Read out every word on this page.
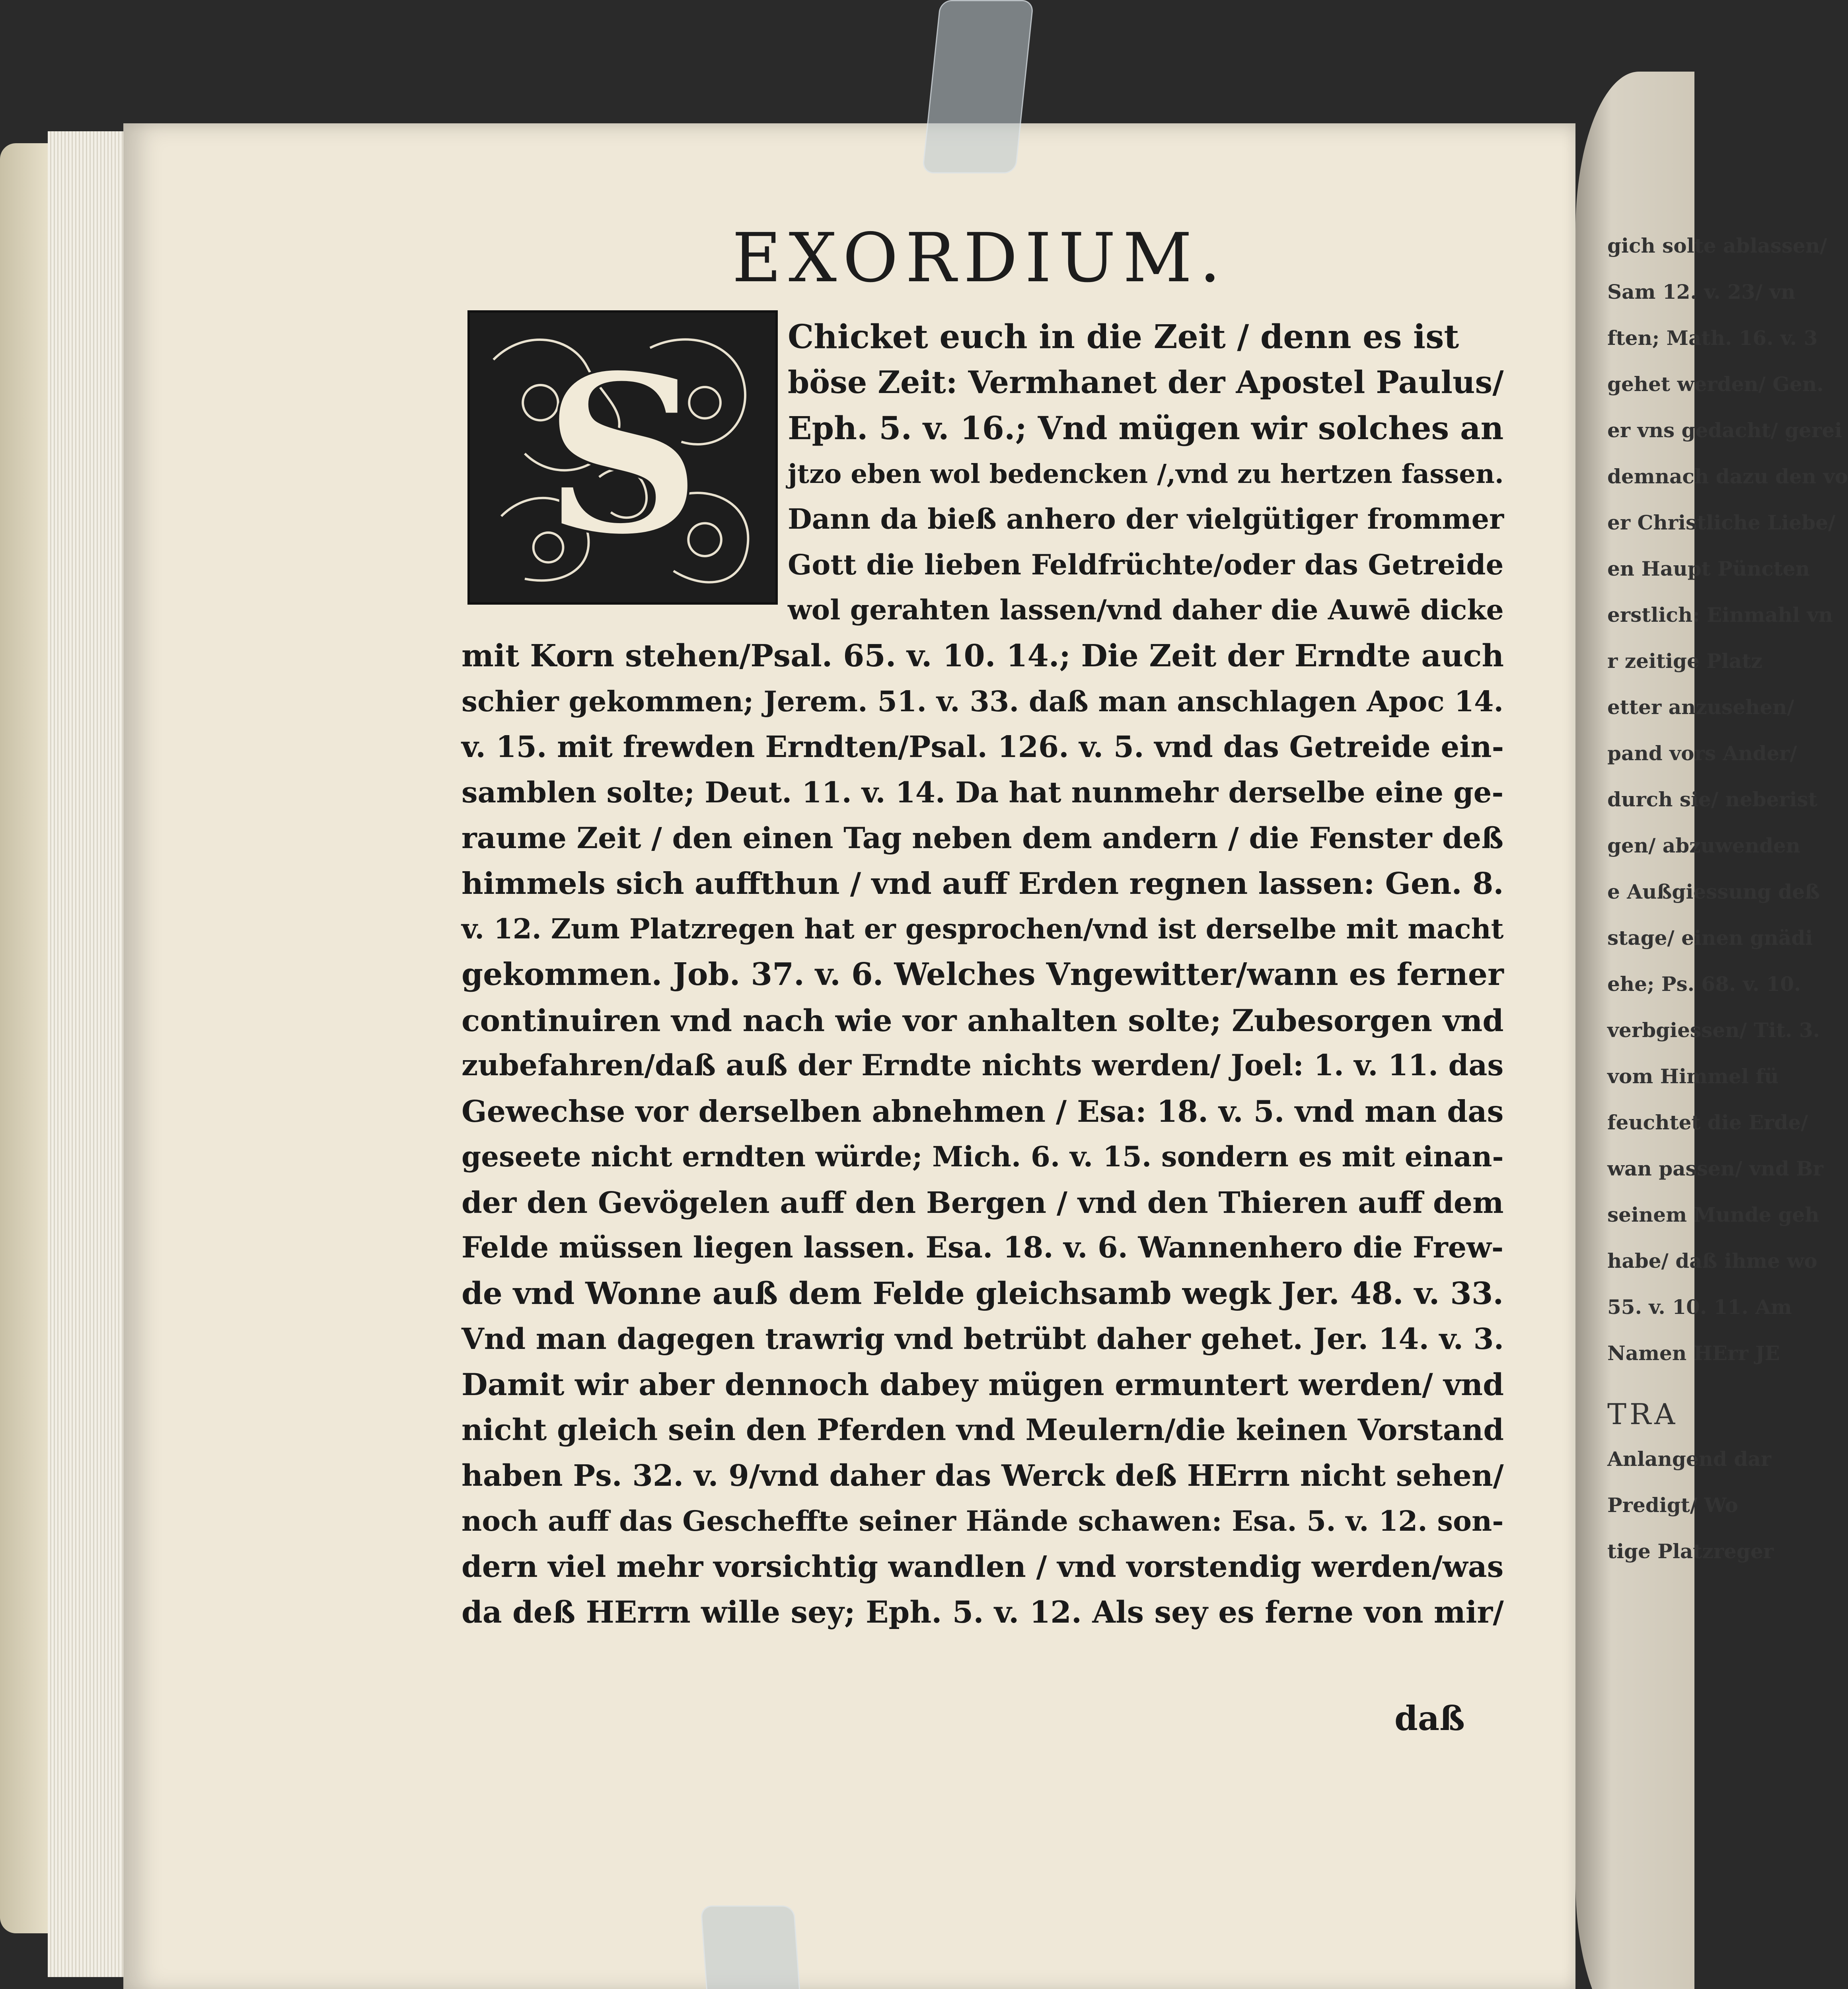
gich solte ablassen/
Sam 12. v. 23/ vn
ften; Math. 16. v. 3
gehet werden/ Gen.
er vns gedacht/ gerei
demnach dazu den vo
er Christliche Liebe/
en Haupt Püncten
erstlich: Einmahl vn
r zeitige Platz
etter anzusehen/
pand vors Ander/
durch sie/ neberist
gen/ abzuwenden
e Außgiessung deß
stage/ einen gnädi
ehe; Ps. 68. v. 10.
verbgiessen/ Tit. 3.
vom Himmel fü
feuchtet die Erde/
wan passen/ vnd Br
seinem Munde geh
habe/ daß ihme wo
55. v. 10. 11. Am
Namen HErr JE
TRA
Anlangend dar
Predigt/ Wo
tige Platzreger
EXORDIUM.
S	Chicket euch in die Zeit / denn es ist
böse Zeit: Vermhanet der Apostel Paulus/
Eph. 5. v. 16.; Vnd mügen wir solches an
jtzo eben wol bedencken /,vnd zu hertzen fassen.
Dann da bieß anhero der vielgütiger frommer
Gott die lieben Feldfrüchte/oder das Getreide
wol gerahten lassen/vnd daher die Auwē dicke
mit Korn stehen/Psal. 65. v. 10. 14.; Die Zeit der Erndte auch
schier gekommen; Jerem. 51. v. 33. daß man anschlagen Apoc 14.
v. 15. mit frewden Erndten/Psal. 126. v. 5. vnd das Getreide ein-
samblen solte; Deut. 11. v. 14. Da hat nunmehr derselbe eine ge-
raume Zeit / den einen Tag neben dem andern / die Fenster deß
himmels sich auffthun / vnd auff Erden regnen lassen: Gen. 8.
v. 12. Zum Platzregen hat er gesprochen/vnd ist derselbe mit macht
gekommen. Job. 37. v. 6. Welches Vngewitter/wann es ferner
continuiren vnd nach wie vor anhalten solte; Zubesorgen vnd
zubefahren/daß auß der Erndte nichts werden/ Joel: 1. v. 11. das
Gewechse vor derselben abnehmen / Esa: 18. v. 5. vnd man das
geseete nicht erndten würde; Mich. 6. v. 15. sondern es mit einan-
der den Gevögelen auff den Bergen / vnd den Thieren auff dem
Felde müssen liegen lassen. Esa. 18. v. 6. Wannenhero die Frew-
de vnd Wonne auß dem Felde gleichsamb wegk Jer. 48. v. 33.
Vnd man dagegen trawrig vnd betrübt daher gehet. Jer. 14. v. 3.
Damit wir aber dennoch dabey mügen ermuntert werden/ vnd
nicht gleich sein den Pferden vnd Meulern/die keinen Vorstand
haben Ps. 32. v. 9/vnd daher das Werck deß HErrn nicht sehen/
noch auff das Gescheffte seiner Hände schawen: Esa. 5. v. 12. son-
dern viel mehr vorsichtig wandlen / vnd vorstendig werden/was
da deß HErrn wille sey; Eph. 5. v. 12. Als sey es ferne von mir/
daß
